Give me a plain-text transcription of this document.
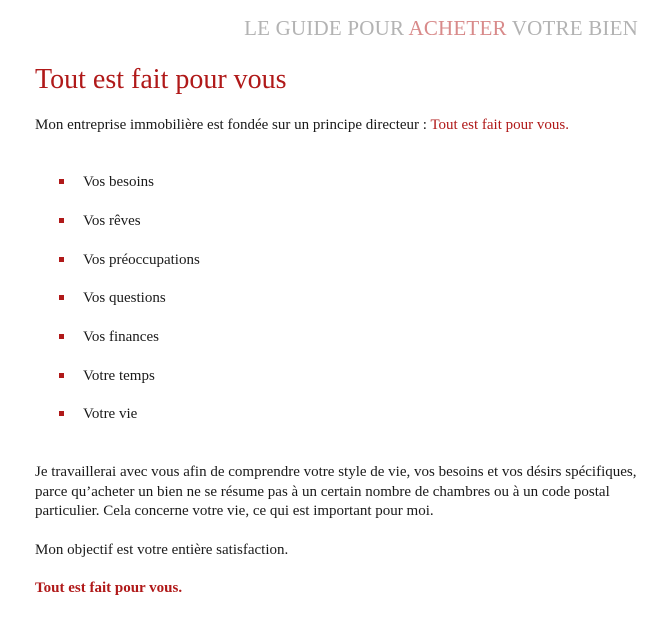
LE GUIDE POUR ACHETER VOTRE BIEN
Tout est fait pour vous

Mon entreprise immobilière est fondée sur un principe directeur : Tout est fait pour vous.

Vos besoins
Vos rêves
Vos préoccupations
Vos questions
Vos finances
Votre temps
Votre vie

Je travaillerai avec vous afin de comprendre votre style de vie, vos besoins et vos désirs spécifiques, parce qu’acheter un bien ne se résume pas à un certain nombre de chambres ou à un code postal particulier. Cela concerne votre vie, ce qui est important pour moi.

Mon objectif est votre entière satisfaction.

Tout est fait pour vous.
